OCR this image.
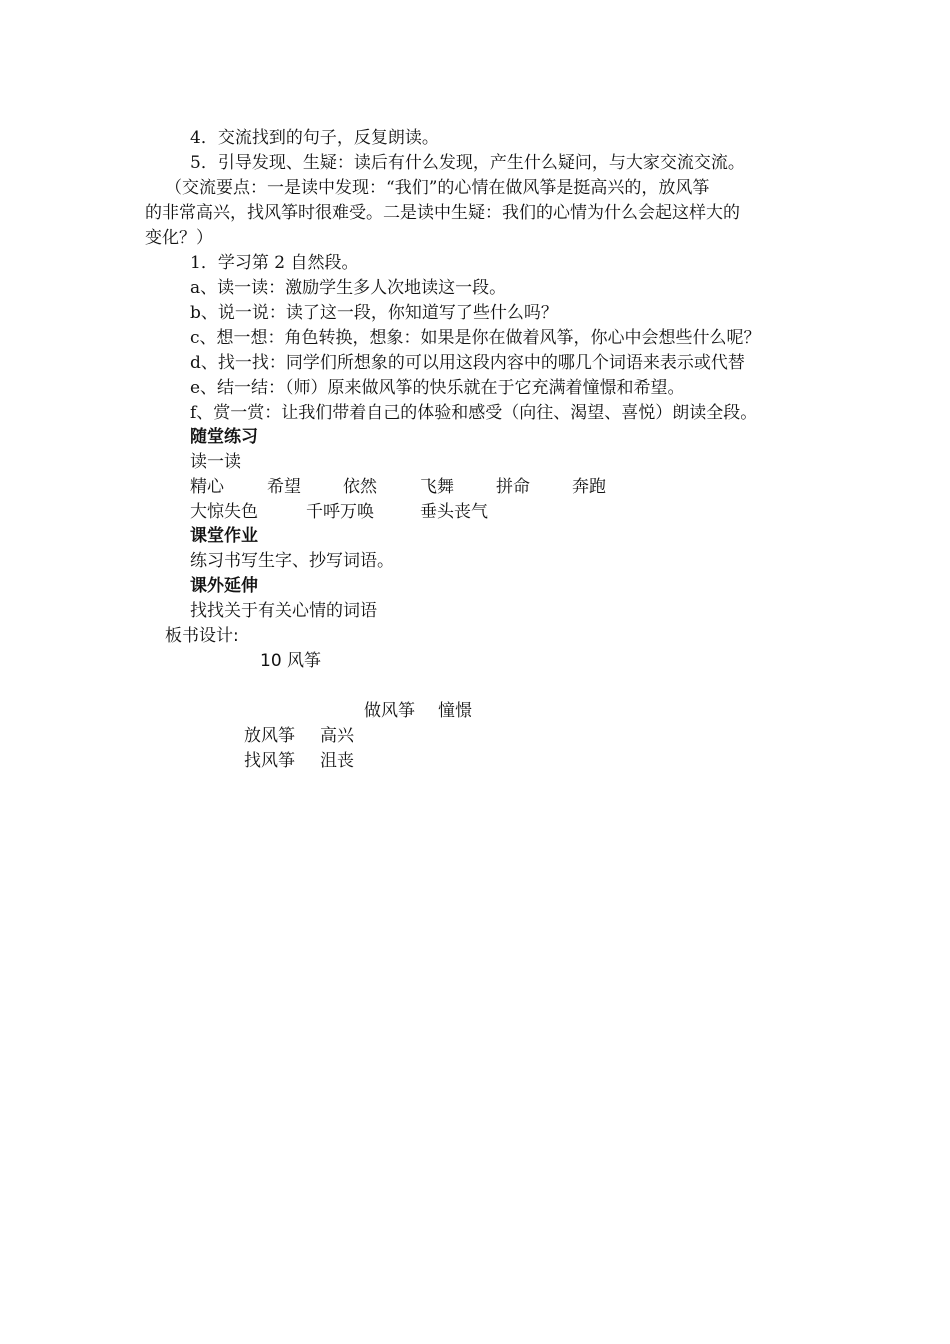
4．交流找到的句子，反复朗读。
5．引导发现、生疑：读后有什么发现，产生什么疑问，与大家交流交流。
（交流要点：一是读中发现：“我们”的心情在做风筝是挺高兴的，放风筝
的非常高兴，找风筝时很难受。二是读中生疑：我们的心情为什么会起这样大的
变化？）
1．学习第 2 自然段。
a、读一读：激励学生多人次地读这一段。
b、说一说：读了这一段，你知道写了些什么吗？
c、想一想：角色转换，想象：如果是你在做着风筝，你心中会想些什么呢？
d、找一找：同学们所想象的可以用这段内容中的哪几个词语来表示或代替
e、结一结：（师）原来做风筝的快乐就在于它充满着憧憬和希望。
f、赏一赏：让我们带着自己的体验和感受（向往、渴望、喜悦）朗读全段。
随堂练习
读一读
精心	希望 依然	飞舞 拼命 奔跑
大惊失色	千呼万唤	垂头丧气
课堂作业
练习书写生字、抄写词语。
课外延伸
找找关于有关心情的词语
板书设计:
10 风筝
做风筝 憧憬
放风筝 高兴
找风筝 沮丧
